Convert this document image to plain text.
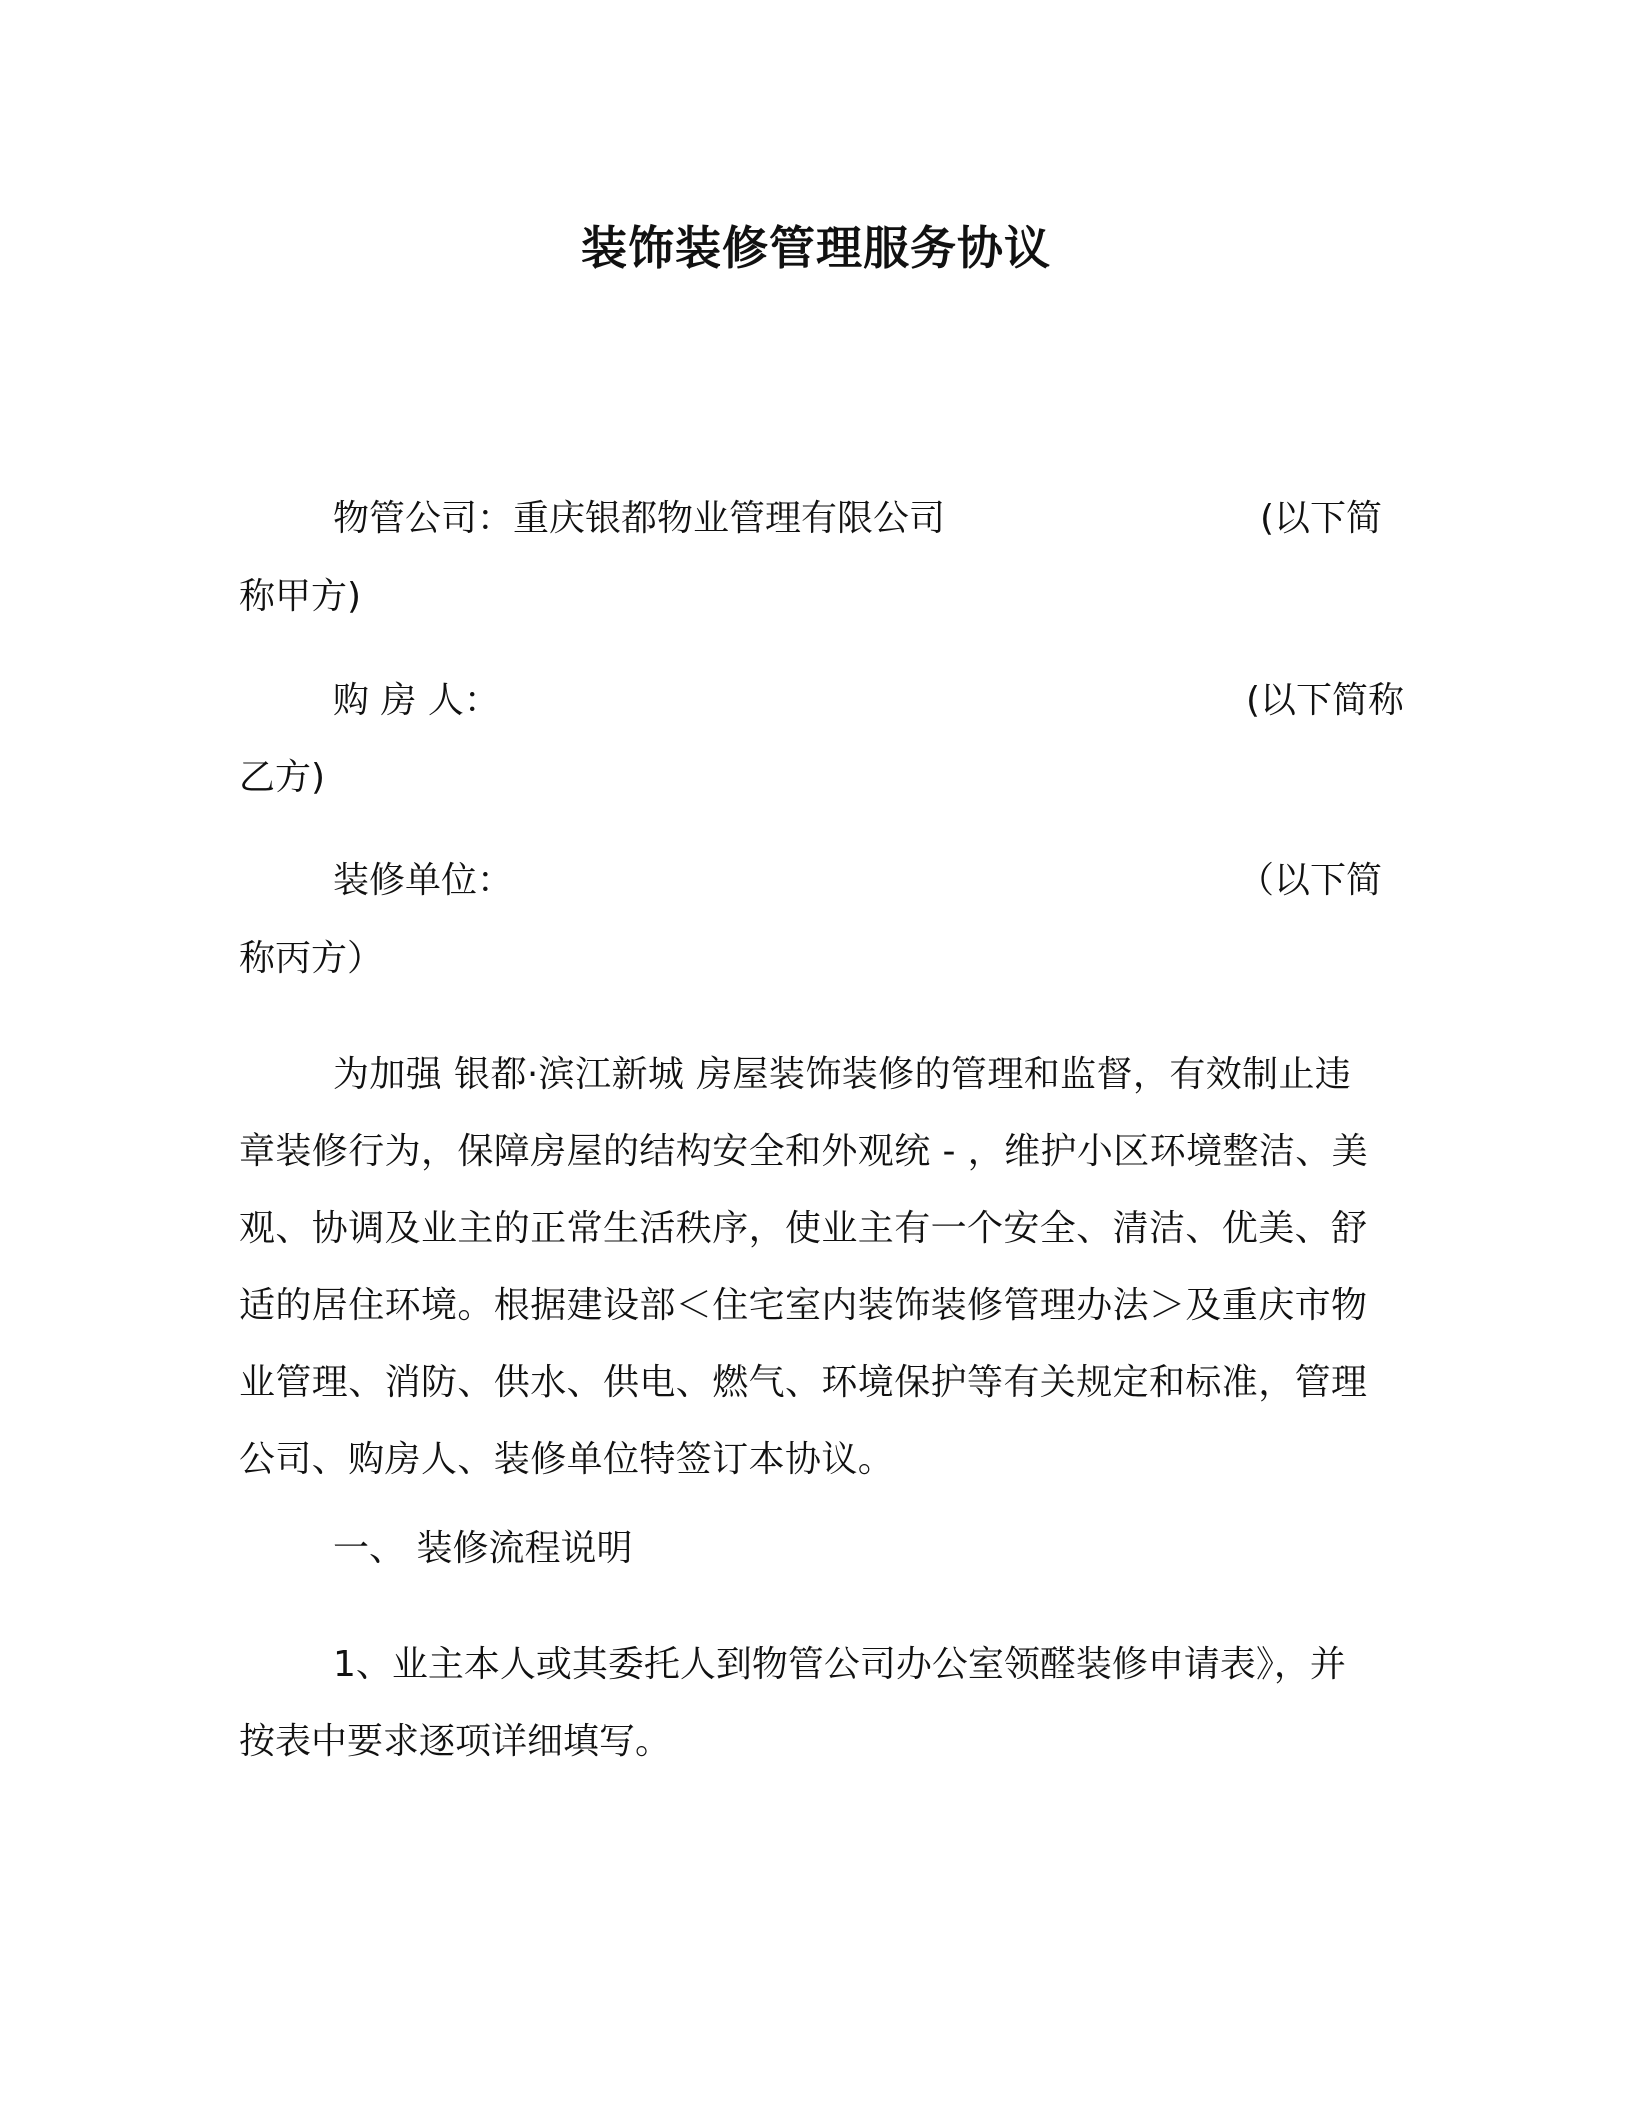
装饰装修管理服务协议
物管公司：重庆银都物业管理有限公司	(以下简
称甲方)
购 房 人：	(以下简称
乙方)
装修单位：	（以下简
称丙方）
为加强 银都·滨江新城 房屋装饰装修的管理和监督，有效制止违章装修行为，保障房屋的结构安全和外观统 - ，维护小区环境整洁、美观、协调及业主的正常生活秩序，使业主有一个安全、清洁、优美、舒适的居住环境。根据建设部＜住宅室内装饰装修管理办法＞及重庆市物业管理、消防、供水、供电、燃气、环境保护等有关规定和标准，管理公司、购房人、装修单位特签订本协议。
一、 装修流程说明
1、业主本人或其委托人到物管公司办公室领醛装修申请表》，并按表中要求逐项详细填写。
